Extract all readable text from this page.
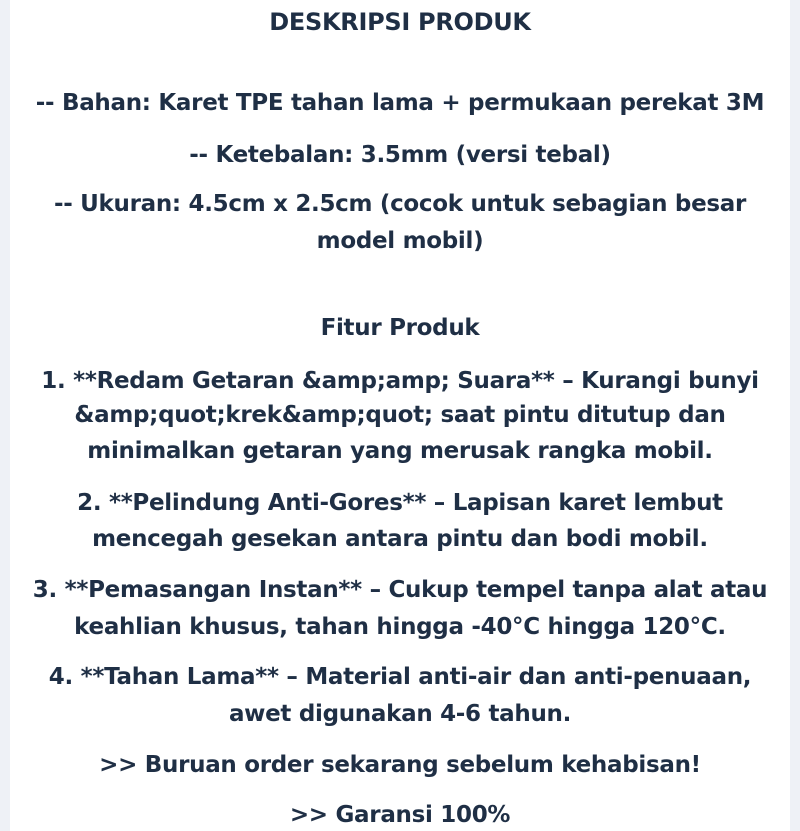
DESKRIPSI PRODUK
-- Bahan: Karet TPE tahan lama + permukaan perekat 3M
-- Ketebalan: 3.5mm (versi tebal)
-- Ukuran: 4.5cm x 2.5cm (cocok untuk sebagian besar
model mobil)
Fitur Produk
1. **Redam Getaran &amp;amp; Suara** – Kurangi bunyi
&amp;quot;krek&amp;quot; saat pintu ditutup dan
minimalkan getaran yang merusak rangka mobil.
2. **Pelindung Anti-Gores** – Lapisan karet lembut
mencegah gesekan antara pintu dan bodi mobil.
3. **Pemasangan Instan** – Cukup tempel tanpa alat atau
keahlian khusus, tahan hingga -40°C hingga 120°C.
4. **Tahan Lama** – Material anti-air dan anti-penuaan,
awet digunakan 4-6 tahun.
>> Buruan order sekarang sebelum kehabisan!
>> Garansi 100%
